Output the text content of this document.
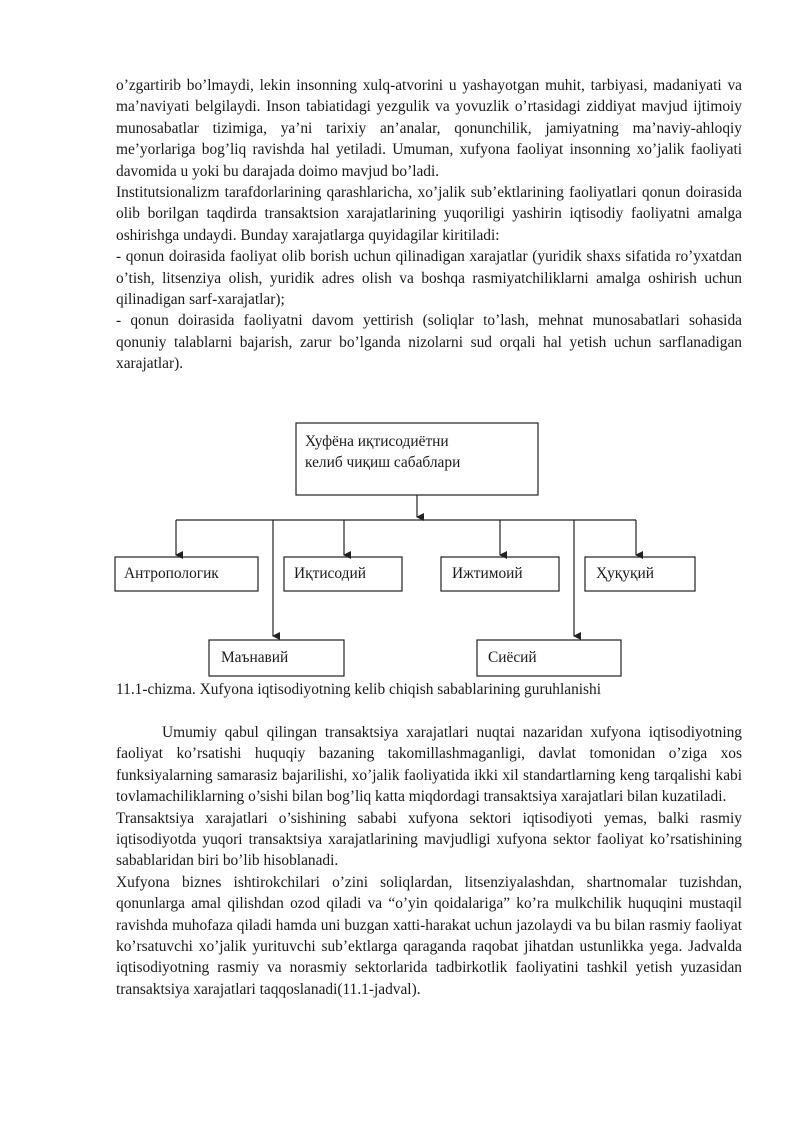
o’zgartirib bo’lmaydi, lekin insonning xulq-atvorini u yashayotgan muhit, tarbiyasi, madaniyati va ma’naviyati belgilaydi. Inson tabiatidagi yezgulik va yovuzlik o’rtasidagi ziddiyat mavjud ijtimoiy munosabatlar tizimiga, ya’ni tarixiy an’analar, qonunchilik, jamiyatning ma’naviy-ahloqiy me’yorlariga bog’liq ravishda hal yetiladi. Umuman, xufyona faoliyat insonning xo’jalik faoliyati davomida u yoki bu darajada doimo mavjud bo’ladi.

Institutsionalizm tarafdorlarining qarashlaricha, xo’jalik sub’ektlarining faoliyatlari qonun doirasida olib borilgan taqdirda transaktsion xarajatlarining yuqoriligi yashirin iqtisodiy faoliyatni amalga oshirishga undaydi. Bunday xarajatlarga quyidagilar kiritiladi:

- qonun doirasida faoliyat olib borish uchun qilinadigan xarajatlar (yuridik shaxs sifatida ro’yxatdan o’tish, litsenziya olish, yuridik adres olish va boshqa rasmiyatchiliklarni amalga oshirish uchun qilinadigan sarf-xarajatlar);

- qonun doirasida faoliyatni davom yettirish (soliqlar to’lash, mehnat munosabatlari sohasida qonuniy talablarni bajarish, zarur bo’lganda nizolarni sud orqali hal yetish uchun sarflanadigan xarajatlar).

Хуфёна иқтисодиётни
келиб чиқиш сабаблари
Антропологик	Иқтисодий	Ижтимоий	Ҳуқуқий
Маънавий	Сиёсий
11.1-chizma. Xufyona iqtisodiyotning kelib chiqish sabablarining guruhlanishi

Umumiy qabul qilingan transaktsiya xarajatlari nuqtai nazaridan xufyona iqtisodiyotning faoliyat ko’rsatishi huquqiy bazaning takomillashmaganligi, davlat tomonidan o’ziga xos funksiyalarning samarasiz bajarilishi, xo’jalik faoliyatida ikki xil standartlarning keng tarqalishi kabi tovlamachiliklarning o’sishi bilan bog’liq katta miqdordagi transaktsiya xarajatlari bilan kuzatiladi.

Transaktsiya xarajatlari o’sishining sababi xufyona sektori iqtisodiyoti yemas, balki rasmiy iqtisodiyotda yuqori transaktsiya xarajatlarining mavjudligi xufyona sektor faoliyat ko’rsatishining sabablaridan biri bo’lib hisoblanadi.

Xufyona biznes ishtirokchilari o’zini soliqlardan, litsenziyalashdan, shartnomalar tuzishdan, qonunlarga amal qilishdan ozod qiladi va “o’yin qoidalariga” ko’ra mulkchilik huquqini mustaqil ravishda muhofaza qiladi hamda uni buzgan xatti-harakat uchun jazolaydi va bu bilan rasmiy faoliyat ko’rsatuvchi xo’jalik yurituvchi sub’ektlarga qaraganda raqobat jihatdan ustunlikka yega. Jadvalda iqtisodiyotning rasmiy va norasmiy sektorlarida tadbirkotlik faoliyatini tashkil yetish yuzasidan transaktsiya xarajatlari taqqoslanadi(11.1-jadval).
